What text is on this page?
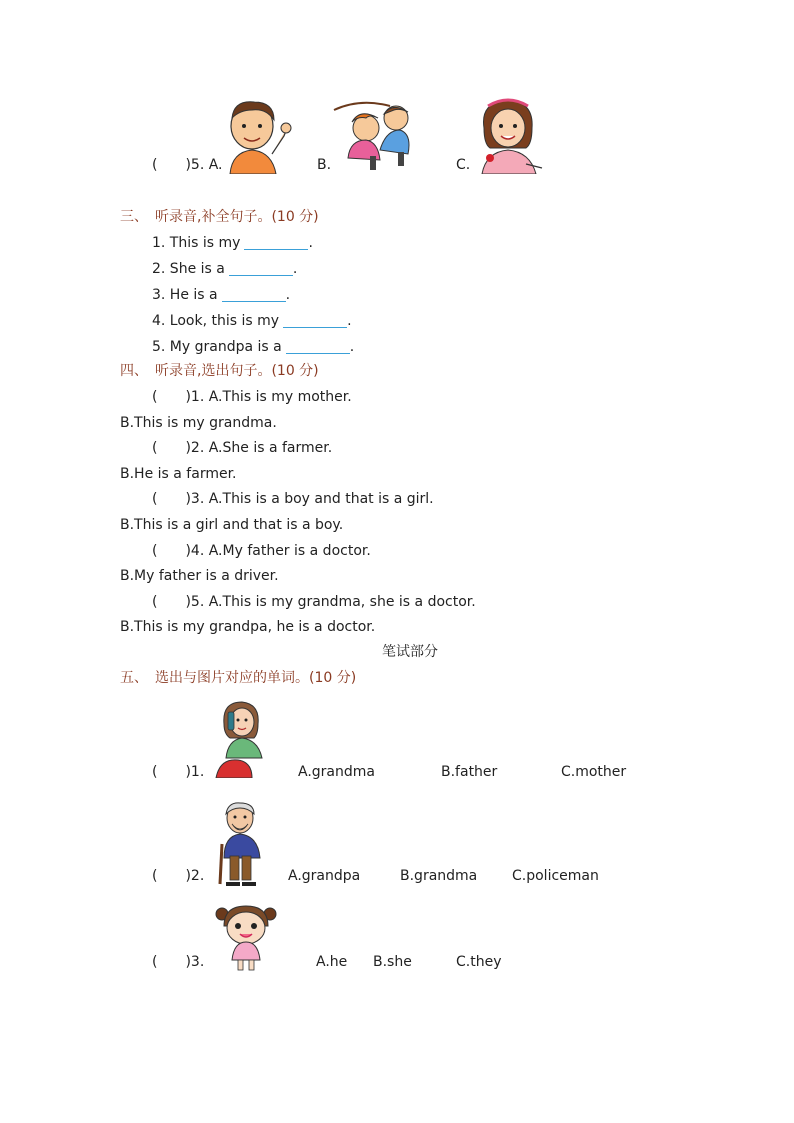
(　　)5. A.	B.	C.
三、　听录音,补全句子。(10 分)
1. This is my	.
2. She is a	.
3. He is a	.
4. Look, this is my	.
5. My grandpa is a	.
四、　听录音,选出句子。(10 分)
(　　)1. A.This is my mother.
B.This is my grandma.
(　　)2. A.She is a farmer.
B.He is a farmer.
(　　)3. A.This is a boy and that is a girl.
B.This is a girl and that is a boy.
(　　)4. A.My father is a doctor.
B.My father is a driver.
(　　)5. A.This is my grandma, she is a doctor.
B.This is my grandpa, he is a doctor.
笔试部分
五、　选出与图片对应的单词。(10 分)
(　　)1.	A.grandma	B.father	C.mother
(　　)2.	A.grandpa	B.grandma C.policeman
(　　)3.	A.he B.she	C.they
